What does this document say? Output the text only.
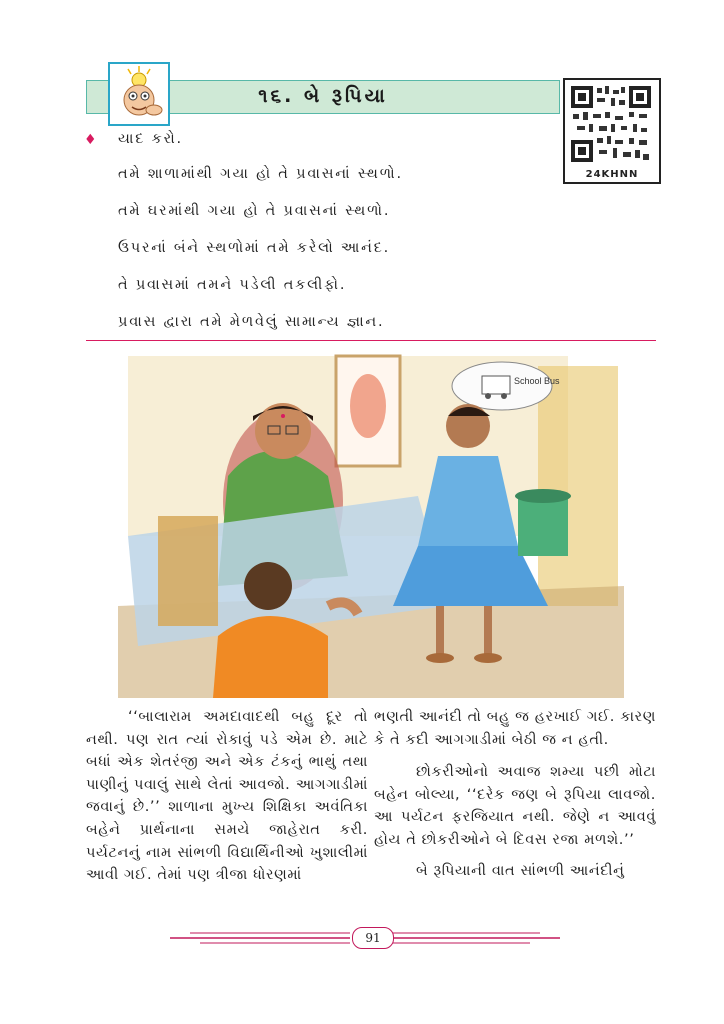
૧૬. બે રૂપિયા
24KHNN
♦ યાદ કરો.
તમે શાળામાંથી ગયા હો તે પ્રવાસનાં સ્થળો.
તમે ઘરમાંથી ગયા હો તે પ્રવાસનાં સ્થળો.
ઉપરનાં બંને સ્થળોમાં તમે કરેલો આનંદ.
તે પ્રવાસમાં તમને પડેલી તકલીફો.
પ્રવાસ દ્વારા તમે મેળવેલું સામાન્ય જ્ઞાન.
School Bus

‘‘બાલારામ અમદાવાદથી બહુ દૂર તો નથી. પણ રાત ત્યાં રોકાવું પડે એમ છે. માટે બધાં એક શેતરંજી અને એક ટંકનું ભાથું તથા પાણીનું પવાલું સાથે લેતાં આવજો. આગગાડીમાં જવાનું છે.’’ શાળાના મુખ્ય શિક્ષિકા અવંતિકા બહેને પ્રાર્થનાના સમયે જાહેરાત કરી. પર્યટનનું નામ સાંભળી વિદ્યાર્થિનીઓ ખુશાલીમાં આવી ગઈ. તેમાં પણ ત્રીજા ધોરણમાં

ભણતી આનંદી તો બહુ જ હરખાઈ ગઈ. કારણ કે તે કદી આગગાડીમાં બેઠી જ ન હતી.

છોકરીઓનો અવાજ શમ્યા પછી મોટા બહેન બોલ્યા, ‘‘દરેક જણ બે રૂપિયા લાવજો. આ પર્યટન ફરજિયાત નથી. જેણે ન આવવું હોય તે છોકરીઓને બે દિવસ રજા મળશે.’’

બે રૂપિયાની વાત સાંભળી આનંદીનું

91
